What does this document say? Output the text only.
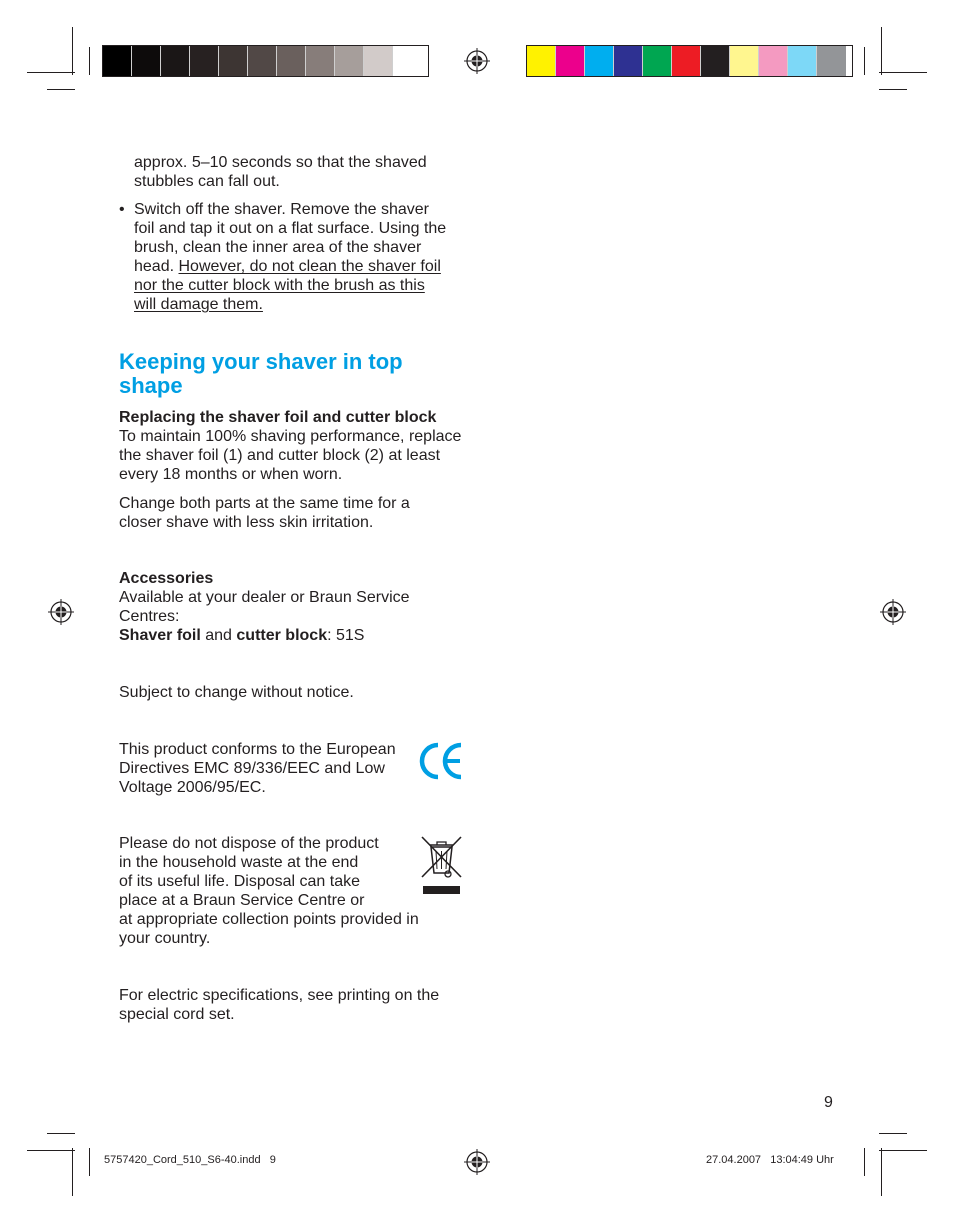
approx. 5–10 seconds so that the shaved
stubbles can fall out.
• Switch off the shaver. Remove the shaver foil and tap it out on a flat surface. Using the brush, clean the inner area of the shaver head. However, do not clean the shaver foil nor the cutter block with the brush as this will damage them.
Keeping your shaver in top shape
Replacing the shaver foil and cutter block
To maintain 100% shaving performance, replace the shaver foil (1) and cutter block (2) at least every 18 months or when worn.
Change both parts at the same time for a closer shave with less skin irritation.
Accessories
Available at your dealer or Braun Service Centres:
Shaver foil and cutter block: 51S
Subject to change without notice.
This product conforms to the European Directives EMC 89/336/EEC and Low Voltage 2006/95/EC.
Please do not dispose of the product
in the household waste at the end
of its useful life. Disposal can take
place at a Braun Service Centre or
at appropriate collection points provided in
your country.
For electric specifications, see printing on the special cord set.
9
5757420_Cord_510_S6-40.indd   9	27.04.2007   13:04:49 Uhr
